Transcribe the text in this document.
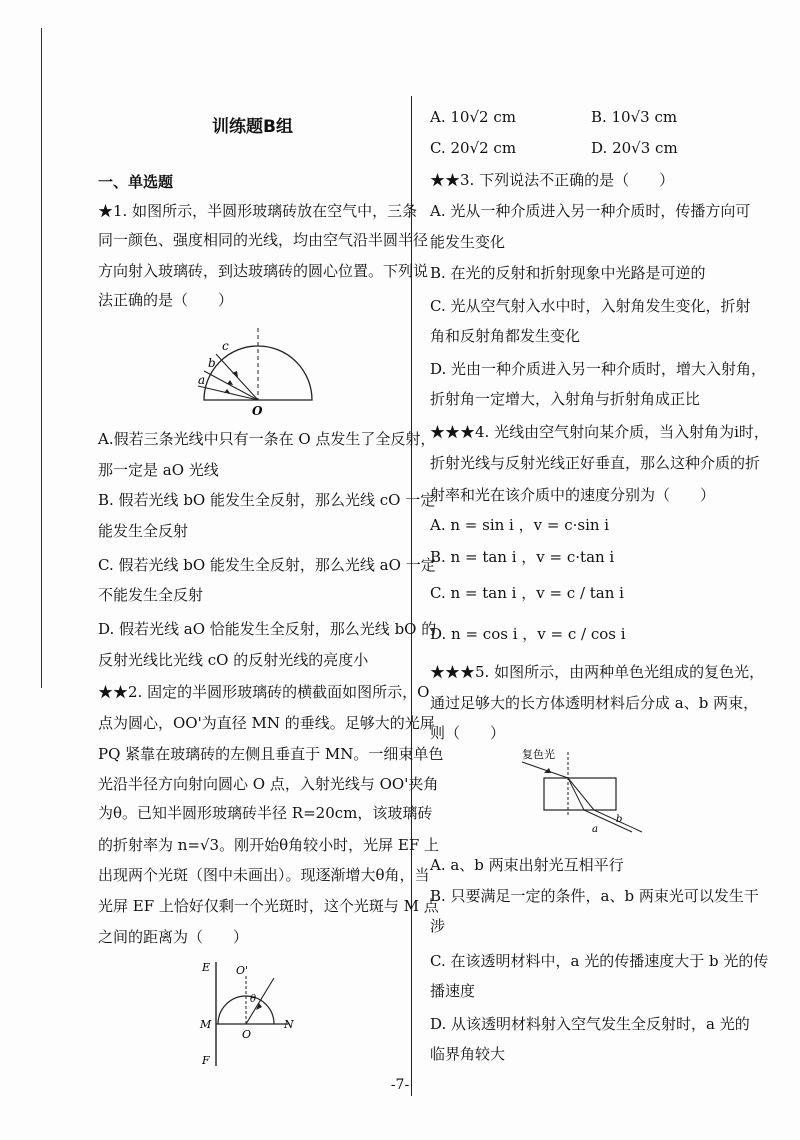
训练题B组
一、单选题
★1. 如图所示，半圆形玻璃砖放在空气中，三条
同一颜色、强度相同的光线，均由空气沿半圆半径
方向射入玻璃砖，到达玻璃砖的圆心位置。下列说
法正确的是（　　）
c
b
a
O
A.假若三条光线中只有一条在 O 点发生了全反射，
那一定是 aO 光线
B. 假若光线 bO 能发生全反射，那么光线 cO 一定
能发生全反射
C. 假若光线 bO 能发生全反射，那么光线 aO 一定
不能发生全反射
D. 假若光线 aO 恰能发生全反射，那么光线 bO 的
反射光线比光线 cO 的反射光线的亮度小
★★2. 固定的半圆形玻璃砖的横截面如图所示，O
点为圆心，OO'为直径 MN 的垂线。足够大的光屏
PQ 紧靠在玻璃砖的左侧且垂直于 MN。一细束单色
光沿半径方向射向圆心 O 点，入射光线与 OO'夹角
为θ。已知半圆形玻璃砖半径 R=20cm，该玻璃砖
的折射率为 n=√3。刚开始θ角较小时，光屏 EF 上
出现两个光斑（图中未画出）。现逐渐增大θ角，当
光屏 EF 上恰好仅剩一个光斑时，这个光斑与 M 点
之间的距离为（　　）
E O'
θ
M
O
N
F
A. 10√2 cm　　　　　B. 10√3 cm
C. 20√2 cm　　　　　D. 20√3 cm
★★3. 下列说法不正确的是（　　）
A. 光从一种介质进入另一种介质时，传播方向可
能发生变化
B. 在光的反射和折射现象中光路是可逆的
C. 光从空气射入水中时，入射角发生变化，折射
角和反射角都发生变化
D. 光由一种介质进入另一种介质时，增大入射角，
折射角一定增大，入射角与折射角成正比
★★★4. 光线由空气射向某介质，当入射角为i时，
折射光线与反射光线正好垂直，那么这种介质的折
射率和光在该介质中的速度分别为（　　）
A. n = sin i ，v = c·sin i
B. n = tan i ，v = c·tan i
C. n = tan i ，v = c / tan i
D. n = cos i ，v = c / cos i
★★★5. 如图所示，由两种单色光组成的复色光，
通过足够大的长方体透明材料后分成 a、b 两束，
则（　　）
复色光
b
a
A. a、b 两束出射光互相平行
B. 只要满足一定的条件，a、b 两束光可以发生干
涉
C. 在该透明材料中，a 光的传播速度大于 b 光的传
播速度
D. 从该透明材料射入空气发生全反射时，a 光的
临界角较大
-7-
